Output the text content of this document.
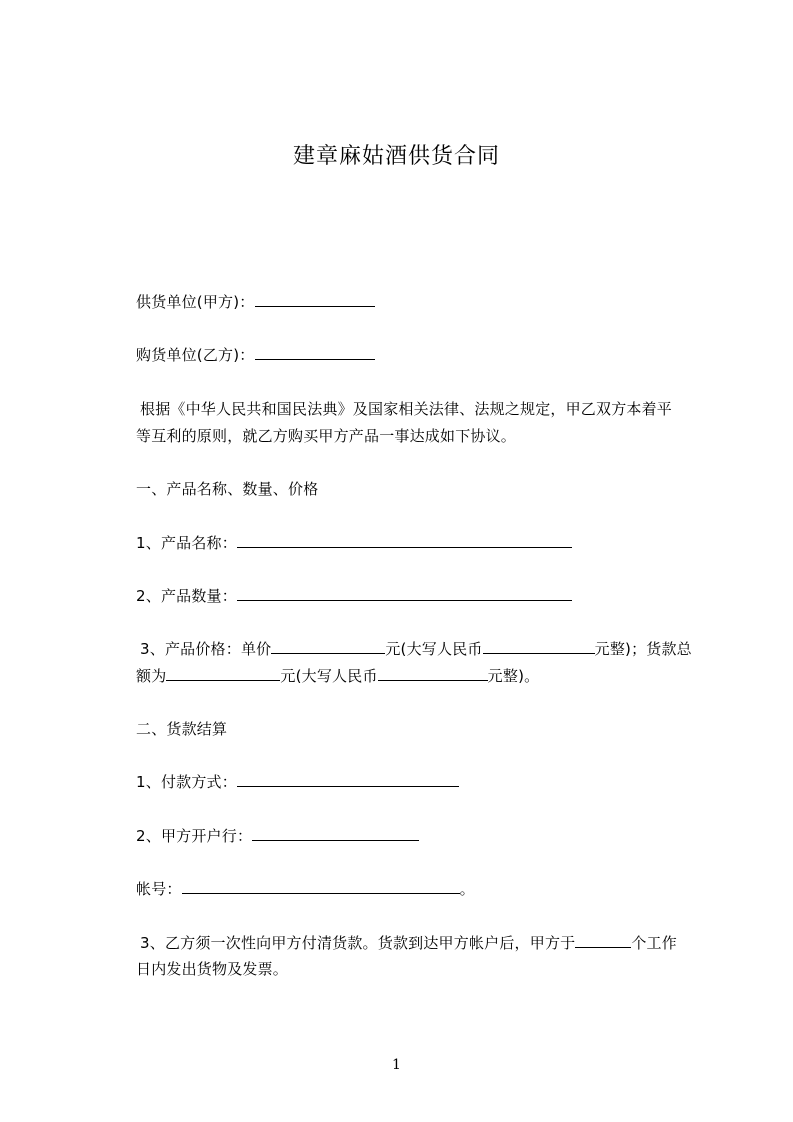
建章麻姑酒供货合同
供货单位(甲方)：
购货单位(乙方)：
根据《中华人民共和国民法典》及国家相关法律、法规之规定，甲乙双方本着平
等互利的原则，就乙方购买甲方产品一事达成如下协议。
一、产品名称、数量、价格
1、产品名称：
2、产品数量：
3、产品价格：单价	元(大写人民币	元整)；货款总
额为	元(大写人民币	元整)。
二、货款结算
1、付款方式：
2、甲方开户行：
帐号：	。
3、乙方须一次性向甲方付清货款。货款到达甲方帐户后，甲方于	个工作
日内发出货物及发票。
1
